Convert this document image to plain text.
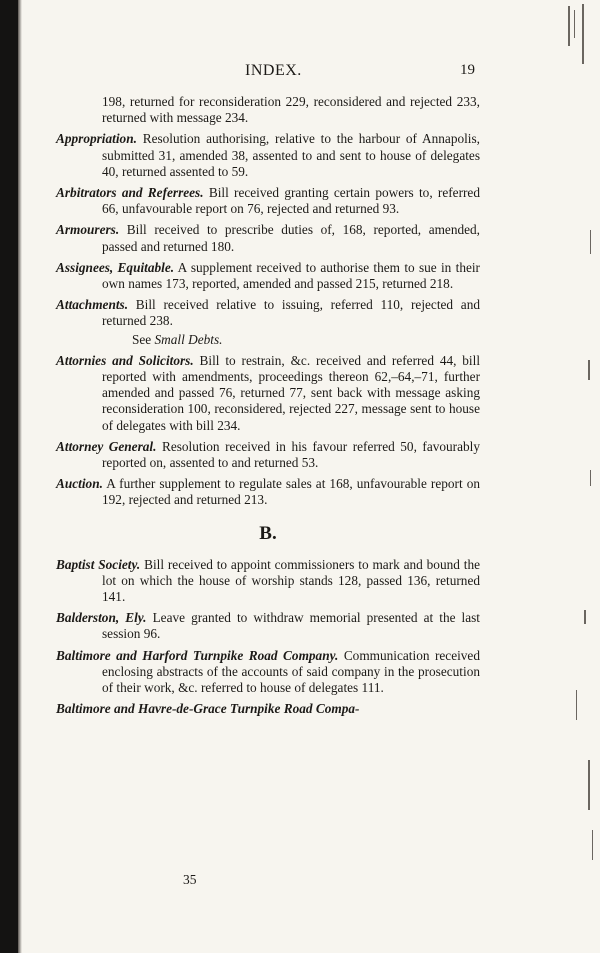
INDEX.	19

198, returned for reconsideration 229, reconsidered and rejected 233, returned with message 234.

Appropriation. Resolution authorising, relative to the harbour of Annapolis, submitted 31, amended 38, assented to and sent to house of delegates 40, returned assented to 59.

Arbitrators and Referrees. Bill received granting certain powers to, referred 66, unfavourable report on 76, rejected and returned 93.

Armourers. Bill received to prescribe duties of, 168, reported, amended, passed and returned 180.

Assignees, Equitable. A supplement received to authorise them to sue in their own names 173, reported, amended and passed 215, returned 218.

Attachments. Bill received relative to issuing, referred 110, rejected and returned 238.

See Small Debts.

Attornies and Solicitors. Bill to restrain, &c. received and referred 44, bill reported with amendments, proceedings thereon 62,–64,–71, further amended and passed 76, returned 77, sent back with message asking reconsideration 100, reconsidered, rejected 227, message sent to house of delegates with bill 234.

Attorney General. Resolution received in his favour referred 50, favourably reported on, assented to and returned 53.

Auction. A further supplement to regulate sales at 168, unfavourable report on 192, rejected and returned 213.

B.

Baptist Society. Bill received to appoint commissioners to mark and bound the lot on which the house of worship stands 128, passed 136, returned 141.

Balderston, Ely. Leave granted to withdraw memorial presented at the last session 96.

Baltimore and Harford Turnpike Road Company. Communication received enclosing abstracts of the accounts of said company in the prosecution of their work, &c. referred to house of delegates 111.

Baltimore and Havre-de-Grace Turnpike Road Compa-

35
